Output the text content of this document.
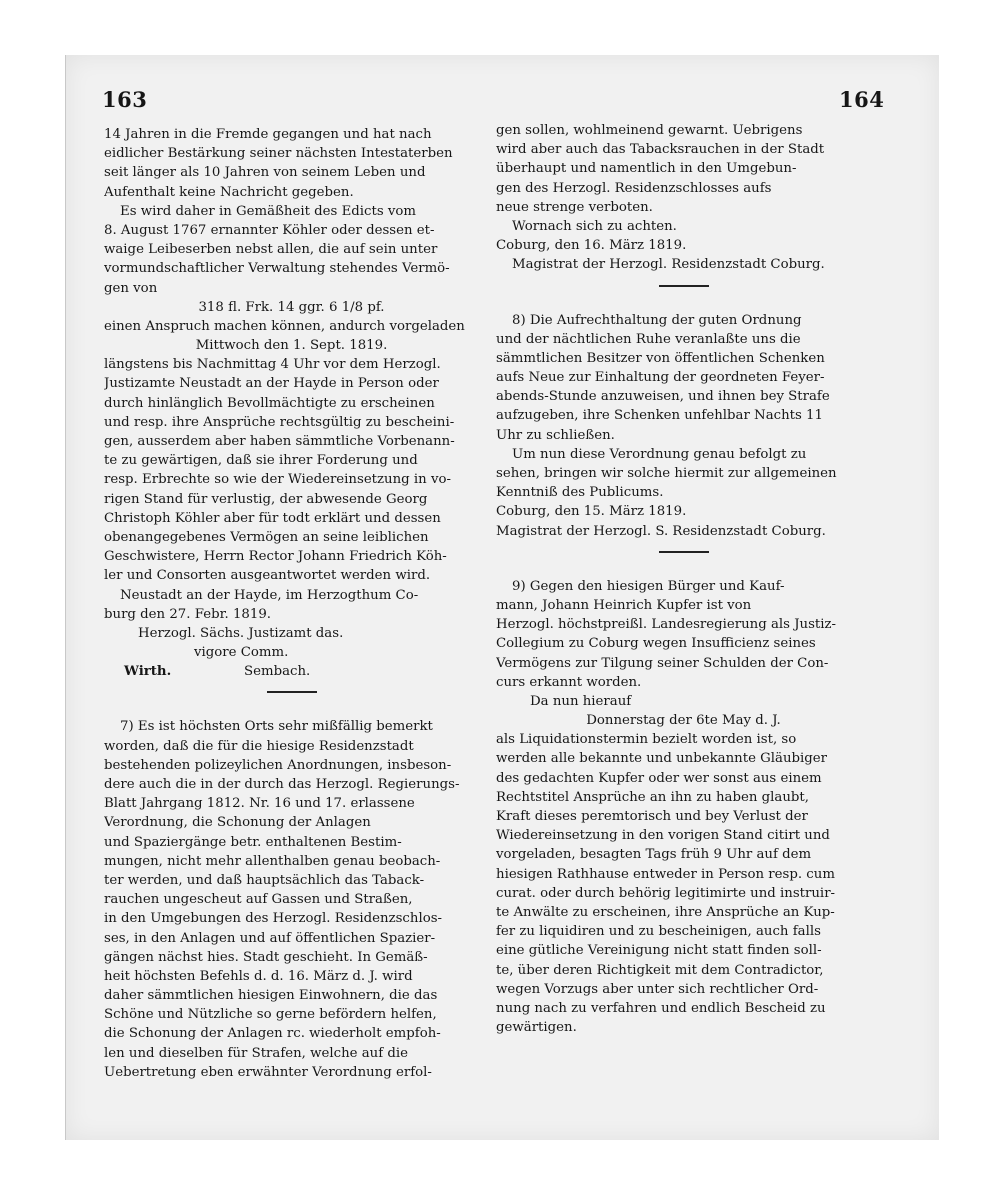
163	164
14 Jahren in die Fremde gegangen und hat nach
eidlicher Bestärkung seiner nächsten Intestaterben
seit länger als 10 Jahren von seinem Leben und
Aufenthalt keine Nachricht gegeben.
Es wird daher in Gemäßheit des Edicts vom
8. August 1767 ernannter Köhler oder dessen et-
waige Leibeserben nebst allen, die auf sein unter
vormundschaftlicher Verwaltung stehendes Vermö-
gen von
318 fl. Frk. 14 ggr. 6 1/8 pf.
einen Anspruch machen können, andurch vorgeladen
Mittwoch den 1. Sept. 1819.
längstens bis Nachmittag 4 Uhr vor dem Herzogl.
Justizamte Neustadt an der Hayde in Person oder
durch hinlänglich Bevollmächtigte zu erscheinen
und resp. ihre Ansprüche rechtsgültig zu bescheini-
gen, ausserdem aber haben sämmtliche Vorbenann-
te zu gewärtigen, daß sie ihrer Forderung und
resp. Erbrechte so wie der Wiedereinsetzung in vo-
rigen Stand für verlustig, der abwesende Georg
Christoph Köhler aber für todt erklärt und dessen
obenangegebenes Vermögen an seine leiblichen
Geschwistere, Herrn Rector Johann Friedrich Köh-
ler und Consorten ausgeantwortet werden wird.
Neustadt an der Hayde, im Herzogthum Co-
burg den 27. Febr. 1819.
Herzogl. Sächs. Justizamt das.
vigore Comm.
Wirth.	Sembach.
7) Es ist höchsten Orts sehr mißfällig bemerkt
worden, daß die für die hiesige Residenzstadt
bestehenden polizeylichen Anordnungen, insbeson-
dere auch die in der durch das Herzogl. Regierungs-
Blatt Jahrgang 1812. Nr. 16 und 17. erlassene
Verordnung, die Schonung der Anlagen
und Spaziergänge betr. enthaltenen Bestim-
mungen, nicht mehr allenthalben genau beobach-
ter werden, und daß hauptsächlich das Taback-
rauchen ungescheut auf Gassen und Straßen,
in den Umgebungen des Herzogl. Residenzschlos-
ses, in den Anlagen und auf öffentlichen Spazier-
gängen nächst hies. Stadt geschieht. In Gemäß-
heit höchsten Befehls d. d. 16. März d. J. wird
daher sämmtlichen hiesigen Einwohnern, die das
Schöne und Nützliche so gerne befördern helfen,
die Schonung der Anlagen rc. wiederholt empfoh-
len und dieselben für Strafen, welche auf die
Uebertretung eben erwähnter Verordnung erfol-
gen sollen, wohlmeinend gewarnt. Uebrigens
wird aber auch das Tabacksrauchen in der Stadt
überhaupt und namentlich in den Umgebun-
gen des Herzogl. Residenzschlosses aufs
neue strenge verboten.
Wornach sich zu achten.
Coburg, den 16. März 1819.
Magistrat der Herzogl. Residenzstadt Coburg.
8) Die Aufrechthaltung der guten Ordnung
und der nächtlichen Ruhe veranlaßte uns die
sämmtlichen Besitzer von öffentlichen Schenken
aufs Neue zur Einhaltung der geordneten Feyer-
abends-Stunde anzuweisen, und ihnen bey Strafe
aufzugeben, ihre Schenken unfehlbar Nachts 11
Uhr zu schließen.
Um nun diese Verordnung genau befolgt zu
sehen, bringen wir solche hiermit zur allgemeinen
Kenntniß des Publicums.
Coburg, den 15. März 1819.
Magistrat der Herzogl. S. Residenzstadt Coburg.
9) Gegen den hiesigen Bürger und Kauf-
mann, Johann Heinrich Kupfer ist von
Herzogl. höchstpreißl. Landesregierung als Justiz-
Collegium zu Coburg wegen Insufficienz seines
Vermögens zur Tilgung seiner Schulden der Con-
curs erkannt worden.
Da nun hierauf
Donnerstag der 6te May d. J.
als Liquidationstermin bezielt worden ist, so
werden alle bekannte und unbekannte Gläubiger
des gedachten Kupfer oder wer sonst aus einem
Rechtstitel Ansprüche an ihn zu haben glaubt,
Kraft dieses peremtorisch und bey Verlust der
Wiedereinsetzung in den vorigen Stand citirt und
vorgeladen, besagten Tags früh 9 Uhr auf dem
hiesigen Rathhause entweder in Person resp. cum
curat. oder durch behörig legitimirte und instruir-
te Anwälte zu erscheinen, ihre Ansprüche an Kup-
fer zu liquidiren und zu bescheinigen, auch falls
eine gütliche Vereinigung nicht statt finden soll-
te, über deren Richtigkeit mit dem Contradictor,
wegen Vorzugs aber unter sich rechtlicher Ord-
nung nach zu verfahren und endlich Bescheid zu
gewärtigen.
